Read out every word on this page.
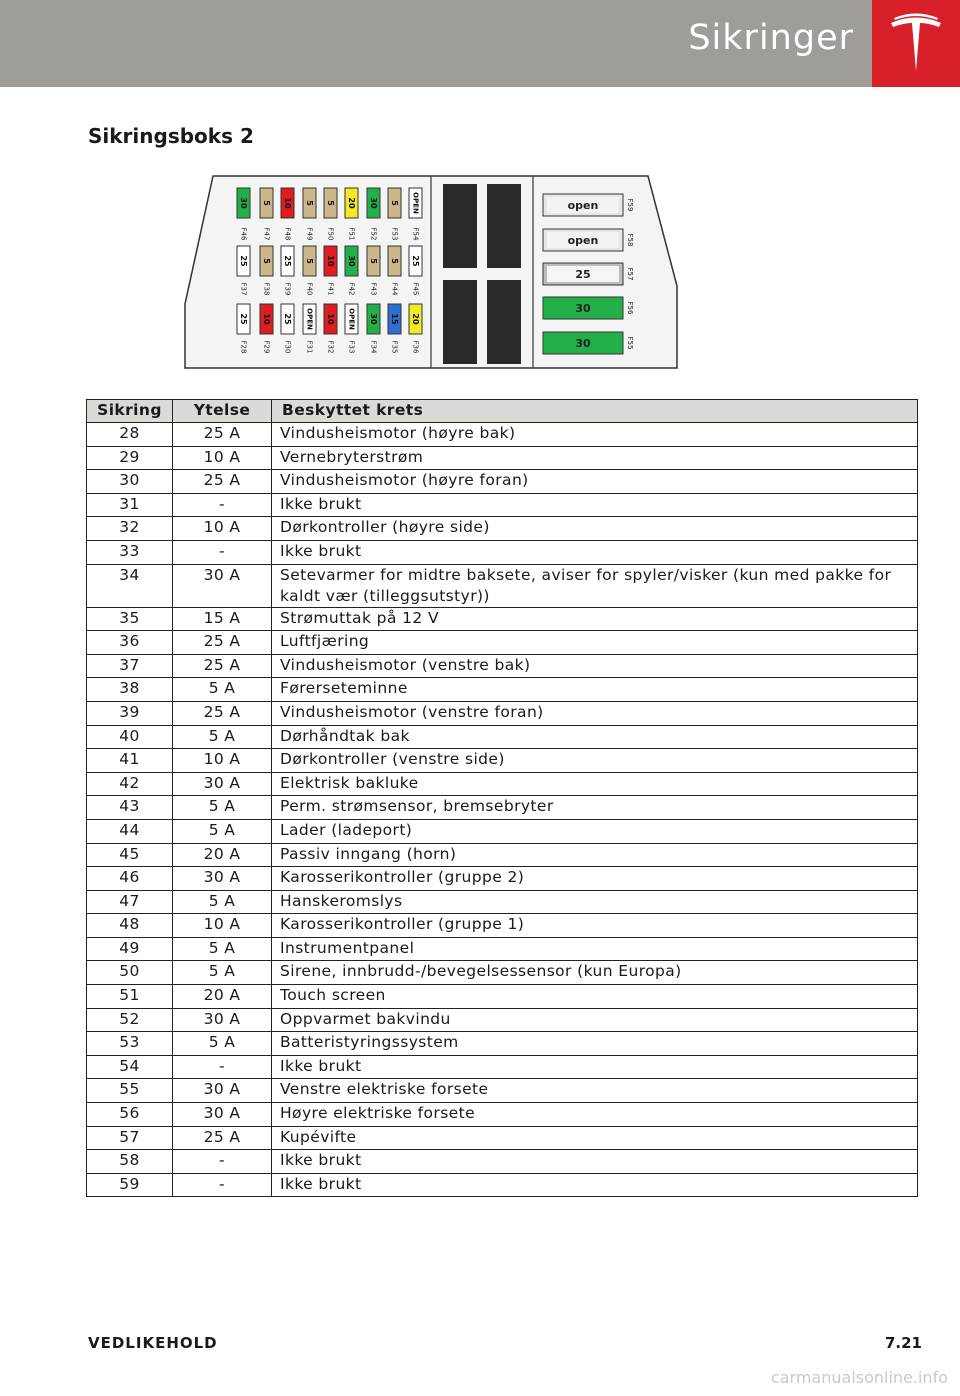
Sikringer
Sikringsboks 2
30
F46
25
F37
25
F28
5
F47
5
F38
10
F29
10
F48
25
F39
25
F30
5
F49
5
F40
OPEN
F31
5
F50
10
F41
10
F32
20
F51
30
F42
OPEN
F33
30
F52
5
F43
30
F34
5
F53
5
F44
15
F35
OPEN
F54
25
F45
20
F36
open	F59
open	F58
25	F57
30	F56
30	F55
Sikring	Ytelse	Beskyttet krets
28	25 A	Vindusheismotor (høyre bak)
29	10 A	Vernebryterstrøm
30	25 A	Vindusheismotor (høyre foran)
31	-	Ikke brukt
32	10 A	Dørkontroller (høyre side)
33	-	Ikke brukt
34	30 A	Setevarmer for midtre baksete, aviser for spyler/visker (kun med pakke for kaldt vær (tilleggsutstyr))
35	15 A	Strømuttak på 12 V
36	25 A	Luftfjæring
37	25 A	Vindusheismotor (venstre bak)
38	5 A	Førerseteminne
39	25 A	Vindusheismotor (venstre foran)
40	5 A	Dørhåndtak bak
41	10 A	Dørkontroller (venstre side)
42	30 A	Elektrisk bakluke
43	5 A	Perm. strømsensor, bremsebryter
44	5 A	Lader (ladeport)
45	20 A	Passiv inngang (horn)
46	30 A	Karosserikontroller (gruppe 2)
47	5 A	Hanskeromslys
48	10 A	Karosserikontroller (gruppe 1)
49	5 A	Instrumentpanel
50	5 A	Sirene, innbrudd-/bevegelsessensor (kun Europa)
51	20 A	Touch screen
52	30 A	Oppvarmet bakvindu
53	5 A	Batteristyringssystem
54	-	Ikke brukt
55	30 A	Venstre elektriske forsete
56	30 A	Høyre elektriske forsete
57	25 A	Kupévifte
58	-	Ikke brukt
59	-	Ikke brukt
VEDLIKEHOLD	7.21
carmanualsonline.info
